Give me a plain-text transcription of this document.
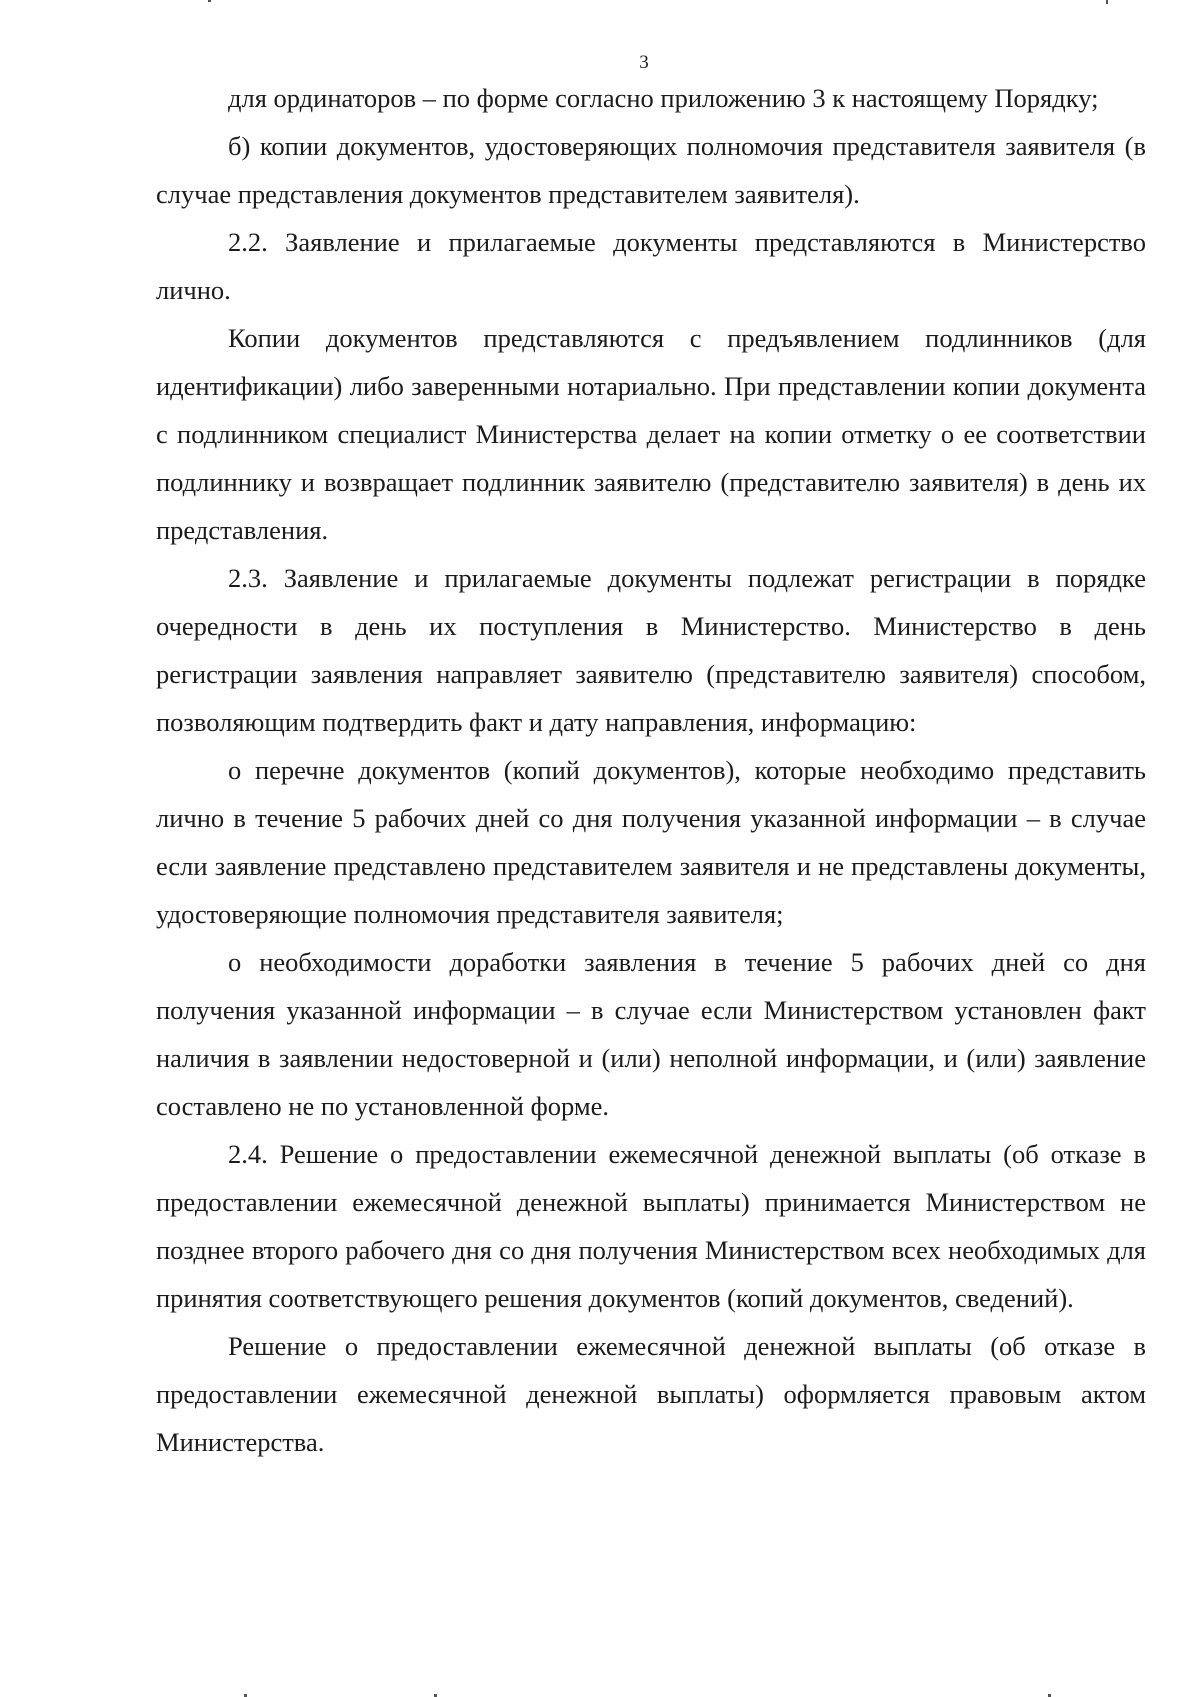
3

для ординаторов – по форме согласно приложению 3 к настоящему Порядку;

б) копии документов, удостоверяющих полномочия представителя заявителя (в случае представления документов представителем заявителя).

2.2. Заявление и прилагаемые документы представляются в Министерство лично.

Копии документов представляются с предъявлением подлинников (для идентификации) либо заверенными нотариально. При представлении копии документа с подлинником специалист Министерства делает на копии отметку о ее соответствии подлиннику и возвращает подлинник заявителю (представителю заявителя) в день их представления.

2.3. Заявление и прилагаемые документы подлежат регистрации в порядке очередности в день их поступления в Министерство. Министерство в день регистрации заявления направляет заявителю (представителю заявителя) способом, позволяющим подтвердить факт и дату направления, информацию:

о перечне документов (копий документов), которые необходимо представить лично в течение 5 рабочих дней со дня получения указанной информации – в случае если заявление представлено представителем заявителя и не представлены документы, удостоверяющие полномочия представителя заявителя;

о необходимости доработки заявления в течение 5 рабочих дней со дня получения указанной информации – в случае если Министерством установлен факт наличия в заявлении недостоверной и (или) неполной информации, и (или) заявление составлено не по установленной форме.

2.4. Решение о предоставлении ежемесячной денежной выплаты (об отказе в предоставлении ежемесячной денежной выплаты) принимается Министерством не позднее второго рабочего дня со дня получения Министерством всех необходимых для принятия соответствующего решения документов (копий документов, сведений).

Решение о предоставлении ежемесячной денежной выплаты (об отказе в предоставлении ежемесячной денежной выплаты) оформляется правовым актом Министерства.
